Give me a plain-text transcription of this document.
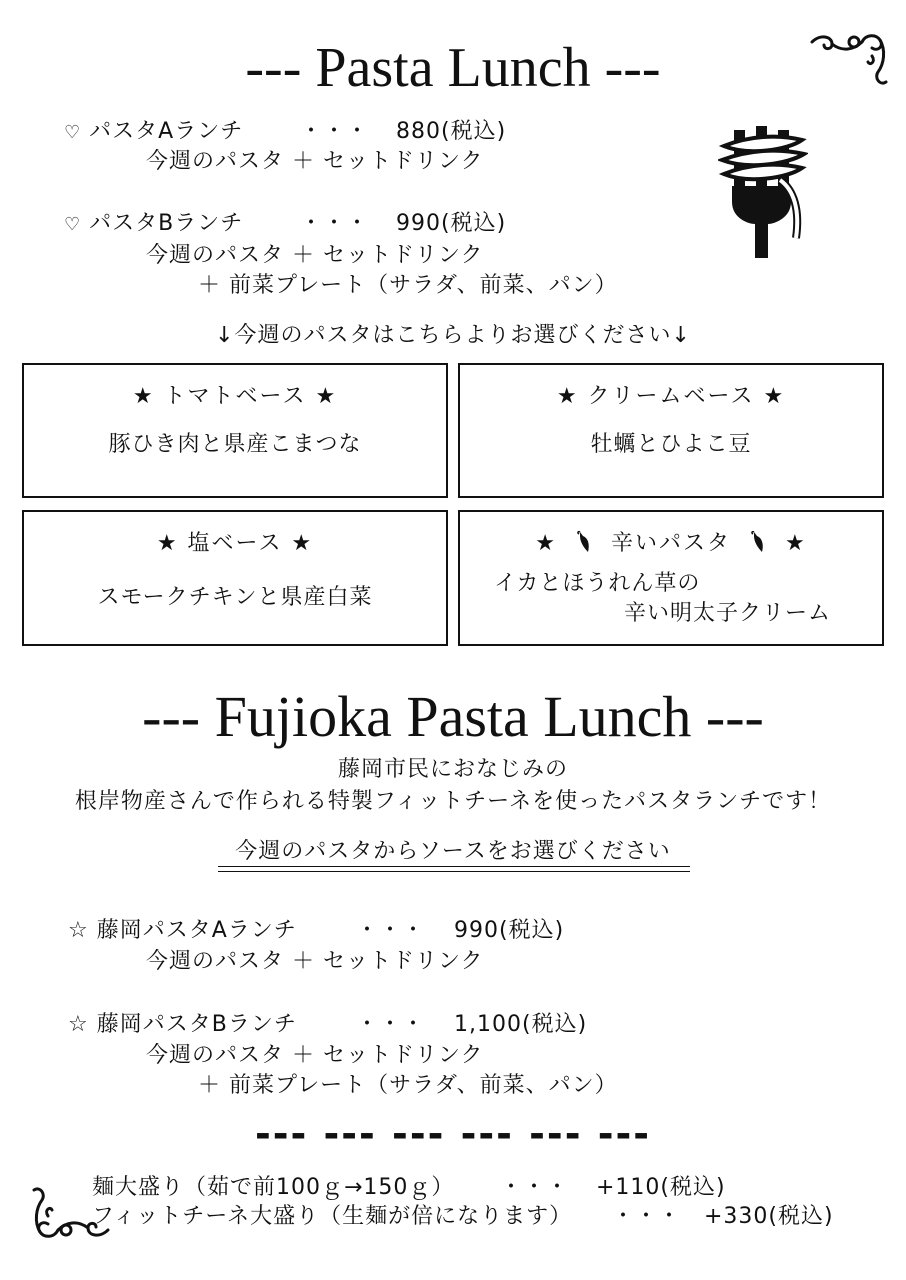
--- Pasta Lunch ---
♡ パスタAランチ	・・・ 880(税込)
今週のパスタ ＋ セットドリンク
♡ パスタBランチ	・・・ 990(税込)
今週のパスタ ＋ セットドリンク
＋ 前菜プレート（サラダ、前菜、パン）
↓今週のパスタはこちらよりお選びください↓
★ トマトベース ★
豚ひき肉と県産こまつな
★ クリームベース ★
牡蠣とひよこ豆
★ 塩ベース ★
スモークチキンと県産白菜
★ 辛いパスタ ★
イカとほうれん草の
辛い明太子クリーム
--- Fujioka Pasta Lunch ---
藤岡市民におなじみの
根岸物産さんで作られる特製フィットチーネを使ったパスタランチです！
今週のパスタからソースをお選びください
☆ 藤岡パスタAランチ	・・・ 990(税込)
今週のパスタ ＋ セットドリンク
☆ 藤岡パスタBランチ	・・・ 1,100(税込)
今週のパスタ ＋ セットドリンク
＋ 前菜プレート（サラダ、前菜、パン）
--- --- --- --- --- ---
麺大盛り（茹で前100ｇ→150ｇ） ・・・ +110(税込)
フィットチーネ大盛り（生麺が倍になります） ・・・ +330(税込)
